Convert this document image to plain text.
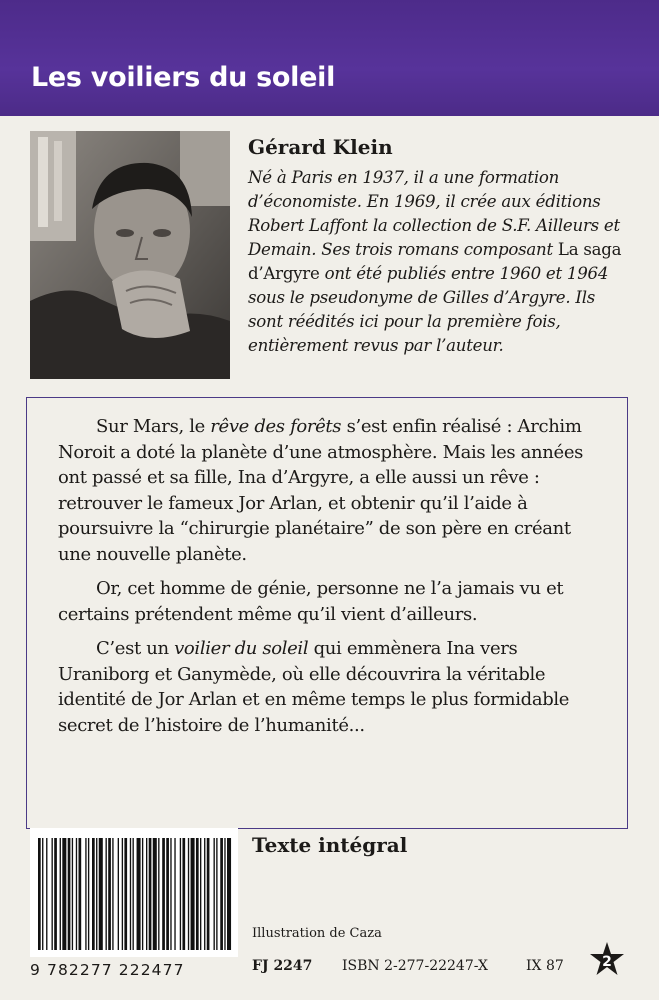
Les voiliers du soleil
Gérard Klein
Né à Paris en 1937, il a une formation d’économiste. En 1969, il crée aux éditions Robert Laffont la collection de S.F. Ailleurs et Demain. Ses trois romans composant La saga d’Argyre ont été publiés entre 1960 et 1964 sous le pseudonyme de Gilles d’Argyre. Ils sont réédités ici pour la première fois, entièrement revus par l’auteur.

Sur Mars, le rêve des forêts s’est enfin réalisé : Archim Noroit a doté la planète d’une atmosphère. Mais les années ont passé et sa fille, Ina d’Argyre, a elle aussi un rêve : retrouver le fameux Jor Arlan, et obtenir qu’il l’aide à poursuivre la “chirurgie planétaire” de son père en créant une nouvelle planète.

Or, cet homme de génie, personne ne l’a jamais vu et certains prétendent même qu’il vient d’ailleurs.

C’est un voilier du soleil qui emmènera Ina vers Uraniborg et Ganymède, où elle découvrira la véritable identité de Jor Arlan et en même temps le plus formidable secret de l’histoire de l’humanité...

9 782277 222477
Texte intégral
Illustration de Caza
FJ 2247 ISBN 2-277-22247-X	IX 87	2
